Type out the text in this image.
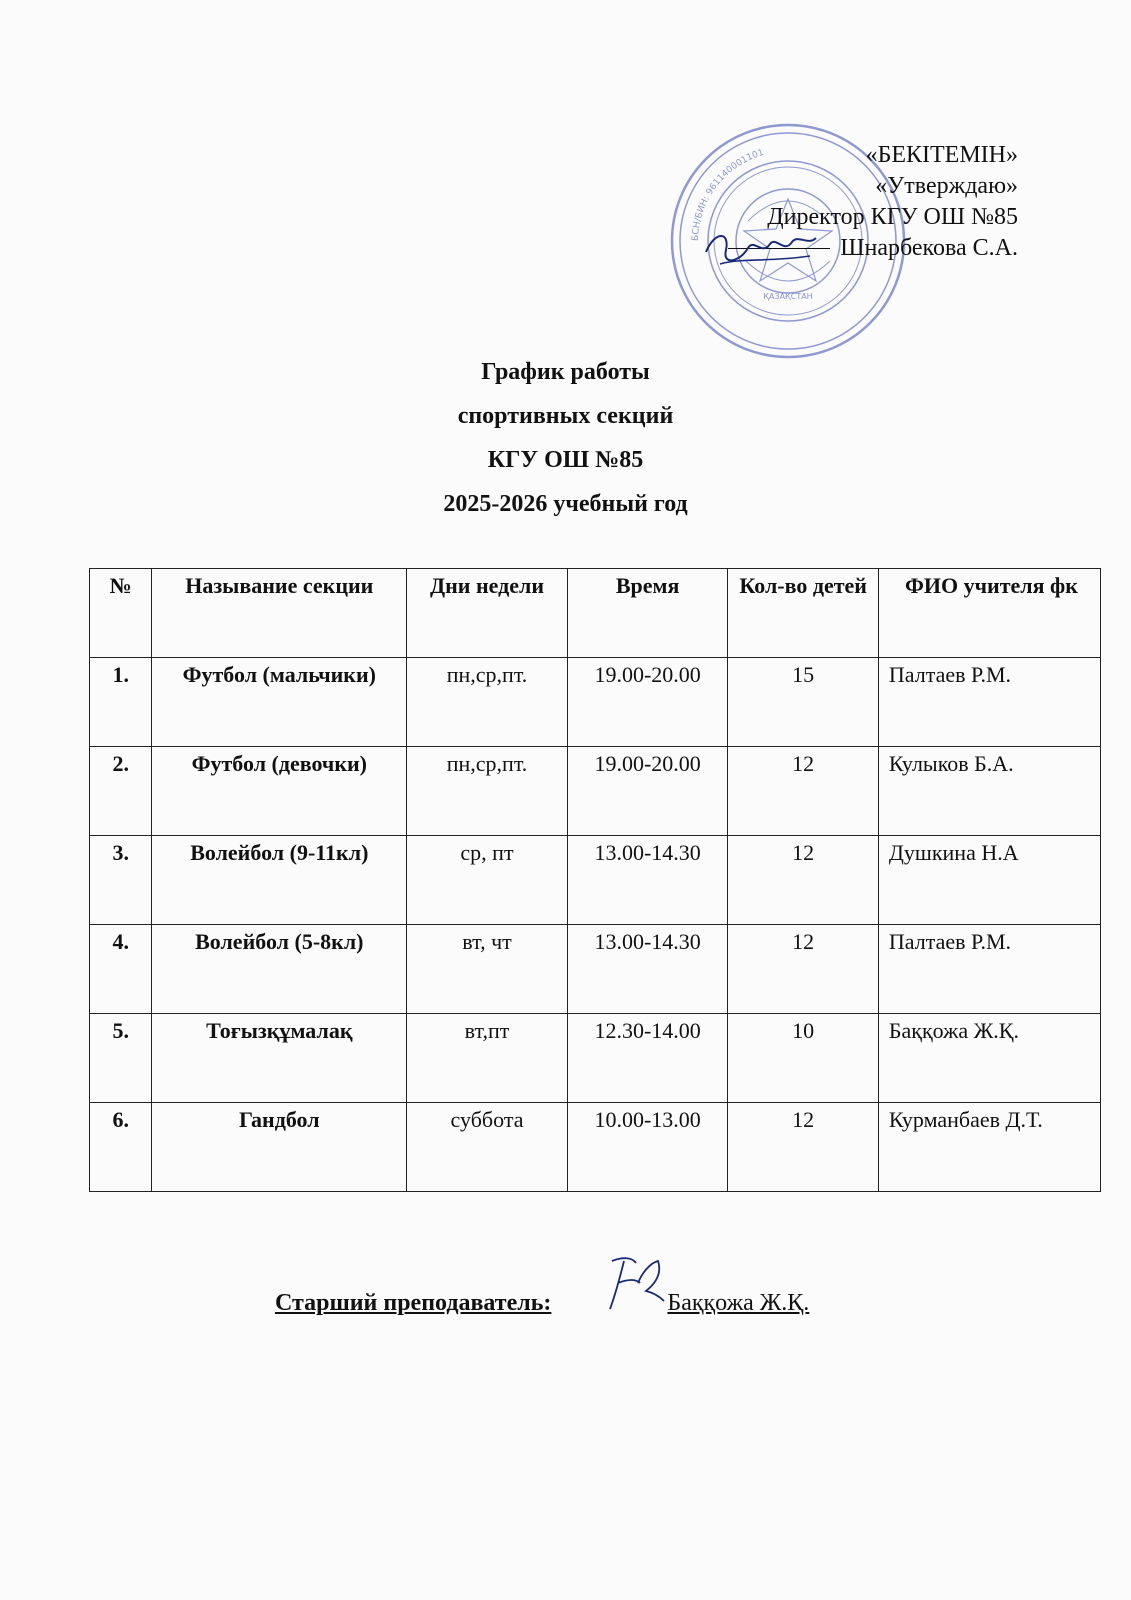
БСН/БИН: 961140001101
ҚАЗАҚСТАН
«БЕКІТЕМІН»
«Утверждаю»
Директор КГУ ОШ №85
Шнарбекова С.А.
График работы
спортивных секций
КГУ ОШ №85
2025-2026 учебный год
№	Называние секции	Дни недели	Время	Кол-во детей	ФИО учителя фк
1.	Футбол (мальчики)	пн,ср,пт.	19.00-20.00	15	Палтаев Р.М.
2.	Футбол (девочки)	пн,ср,пт.	19.00-20.00	12	Кулыков Б.А.
3.	Волейбол (9-11кл)	ср, пт	13.00-14.30	12	Душкина Н.А
4.	Волейбол (5-8кл)	вт, чт	13.00-14.30	12	Палтаев Р.М.
5.	Тоғызқұмалақ	вт,пт	12.30-14.00	10	Баққожа Ж.Қ.
6.	Гандбол	суббота	10.00-13.00	12	Курманбаев Д.Т.
Старший преподаватель:	Баққожа Ж.Қ.
